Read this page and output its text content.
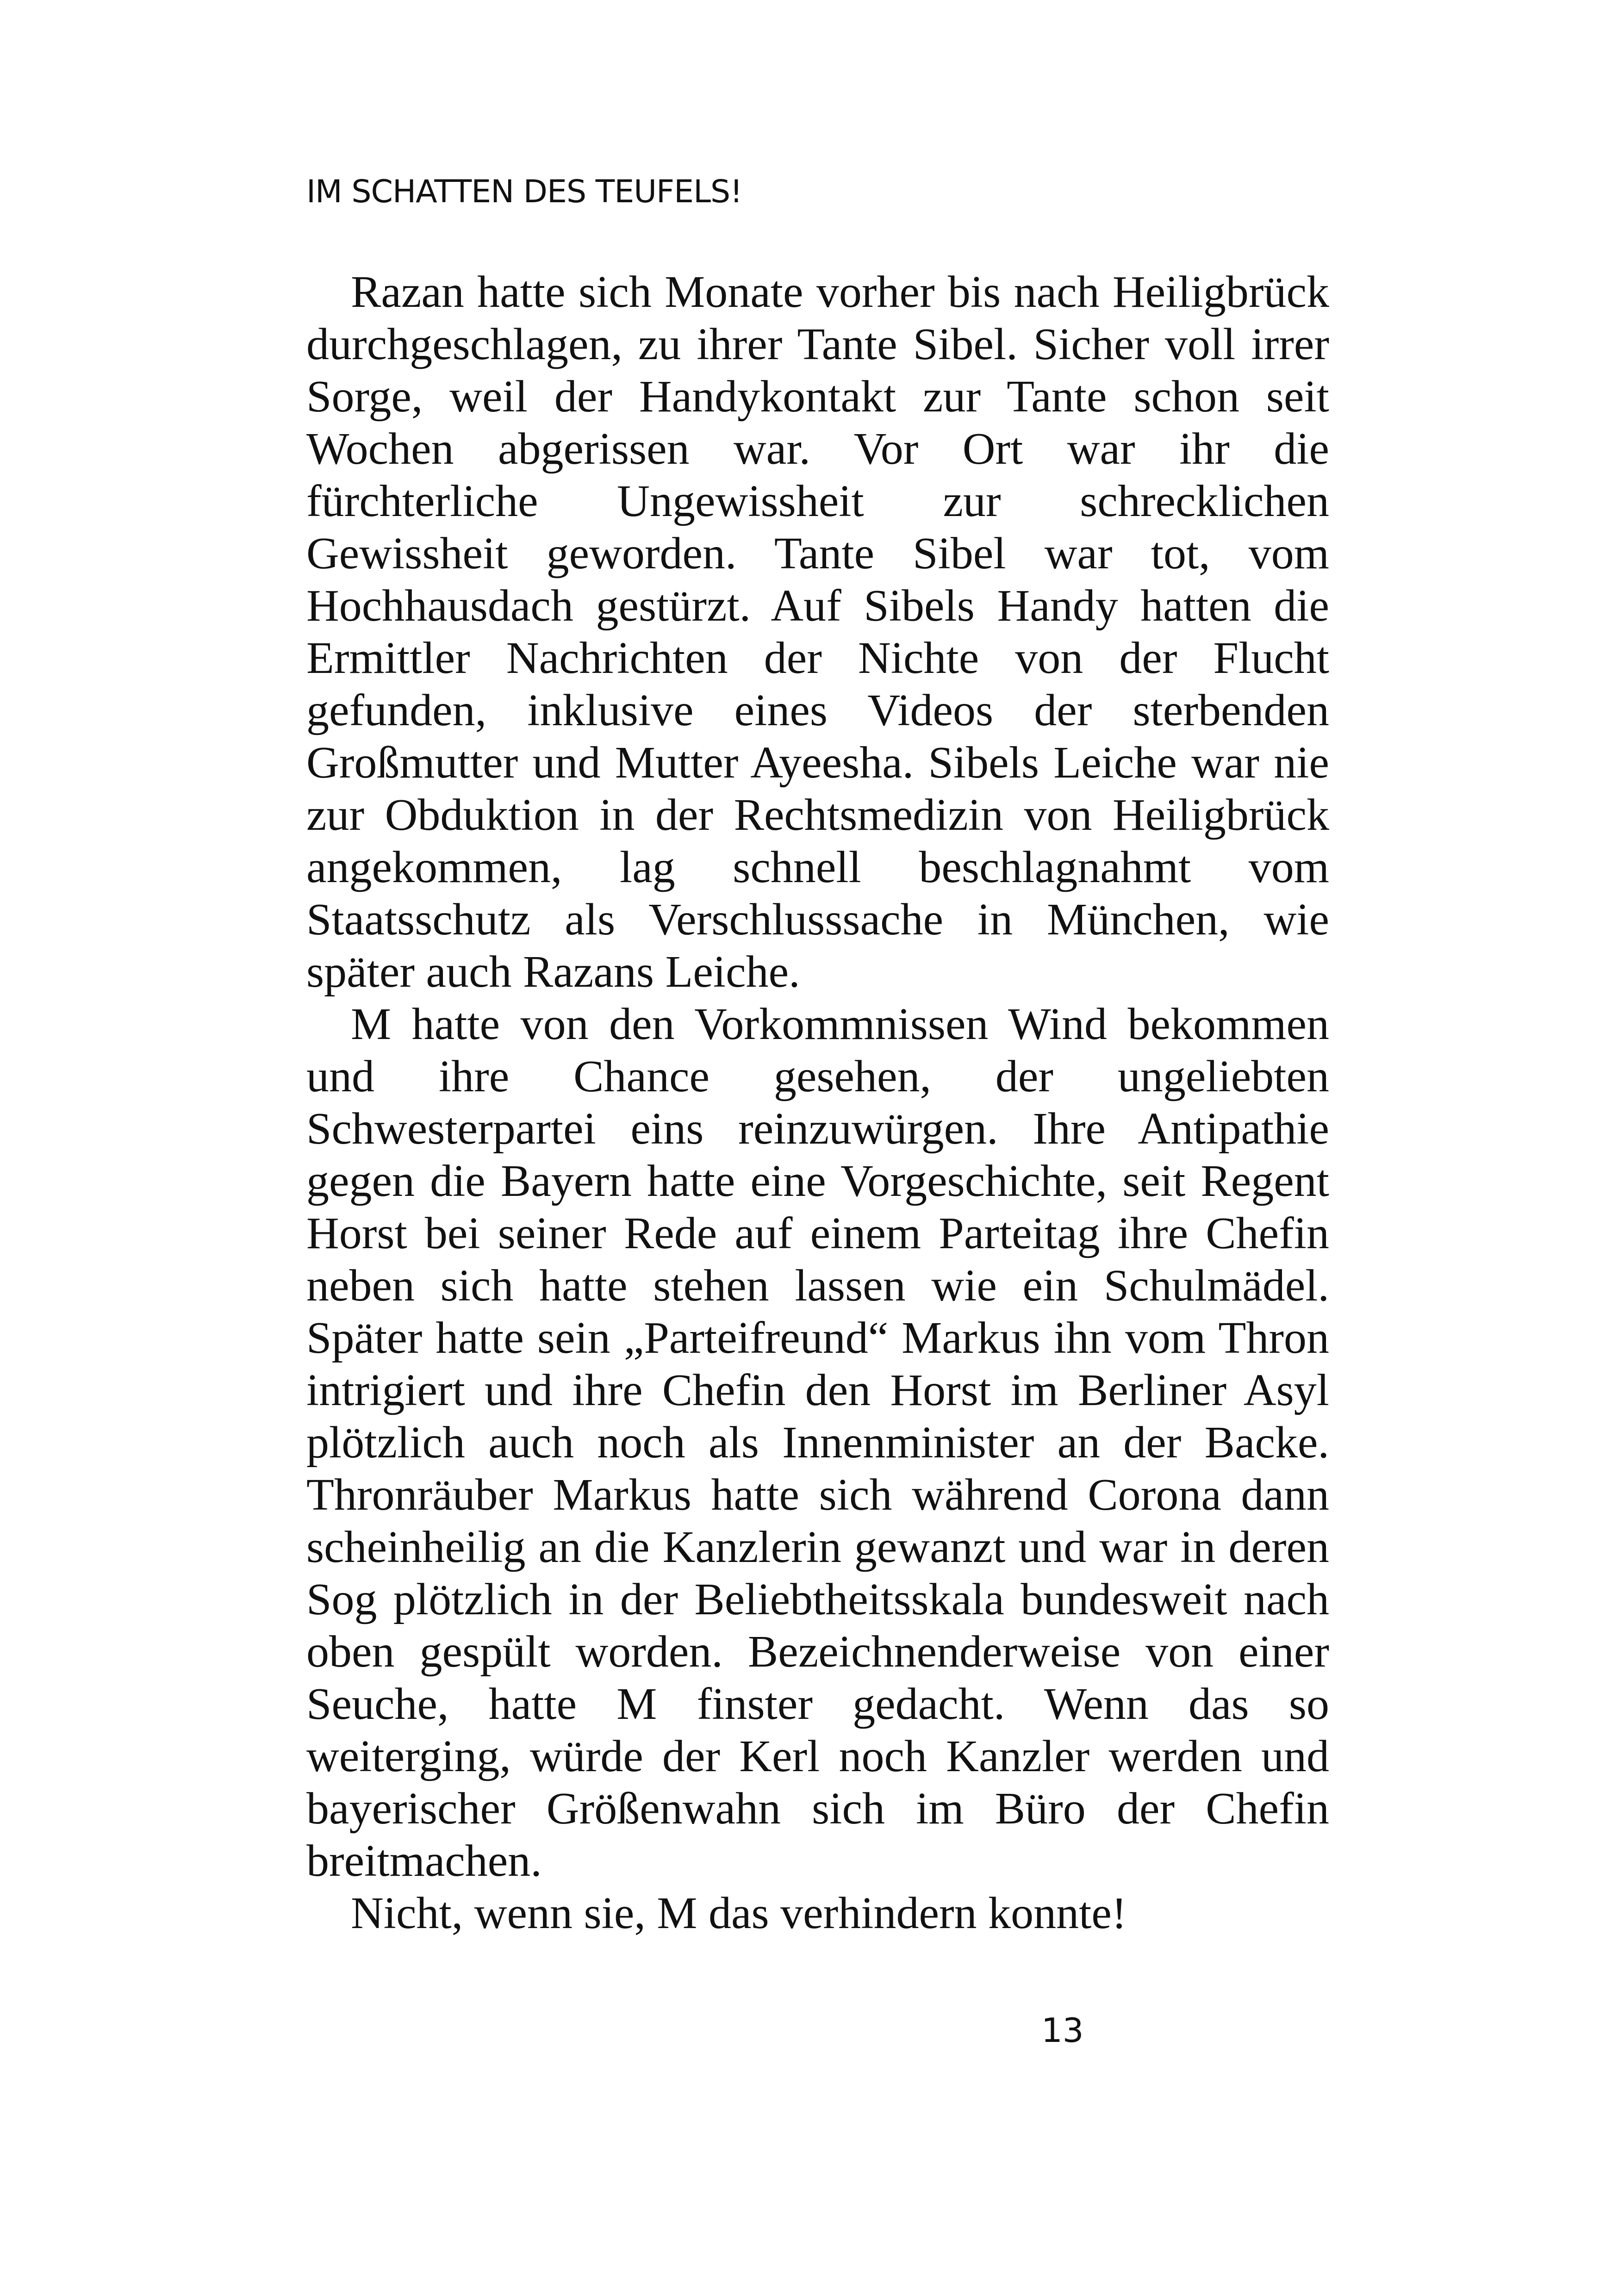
IM SCHATTEN DES TEUFELS!

Razan hatte sich Monate vorher bis nach Heiligbrück durchgeschlagen, zu ihrer Tante Sibel. Sicher voll irrer Sorge, weil der Handykontakt zur Tante schon seit Wochen abgerissen war. Vor Ort war ihr die fürchterliche Ungewissheit zur schrecklichen Gewissheit geworden. Tante Sibel war tot, vom Hochhausdach gestürzt. Auf Sibels Handy hatten die Ermittler Nachrichten der Nichte von der Flucht gefunden, inklusive eines Videos der sterbenden Großmutter und Mutter Ayeesha. Sibels Leiche war nie zur Obduktion in der Rechtsmedizin von Heiligbrück angekommen, lag schnell beschlagnahmt vom Staatsschutz als Verschlusssache in München, wie später auch Razans Leiche.

M hatte von den Vorkommnissen Wind bekommen und ihre Chance gesehen, der ungeliebten Schwesterpartei eins reinzuwürgen. Ihre Antipathie gegen die Bayern hatte eine Vorgeschichte, seit Regent Horst bei seiner Rede auf einem Parteitag ihre Chefin neben sich hatte stehen lassen wie ein Schulmädel. Später hatte sein „Parteifreund“ Markus ihn vom Thron intrigiert und ihre Chefin den Horst im Berliner Asyl plötzlich auch noch als Innenminister an der Backe. Thronräuber Markus hatte sich während Corona dann scheinheilig an die Kanzlerin gewanzt und war in deren Sog plötzlich in der Beliebtheitsskala bundesweit nach oben gespült worden. Bezeichnenderweise von einer Seuche, hatte M finster gedacht. Wenn das so weiterging, würde der Kerl noch Kanzler werden und bayerischer Größenwahn sich im Büro der Chefin breitmachen.

Nicht, wenn sie, M das verhindern konnte!

13
